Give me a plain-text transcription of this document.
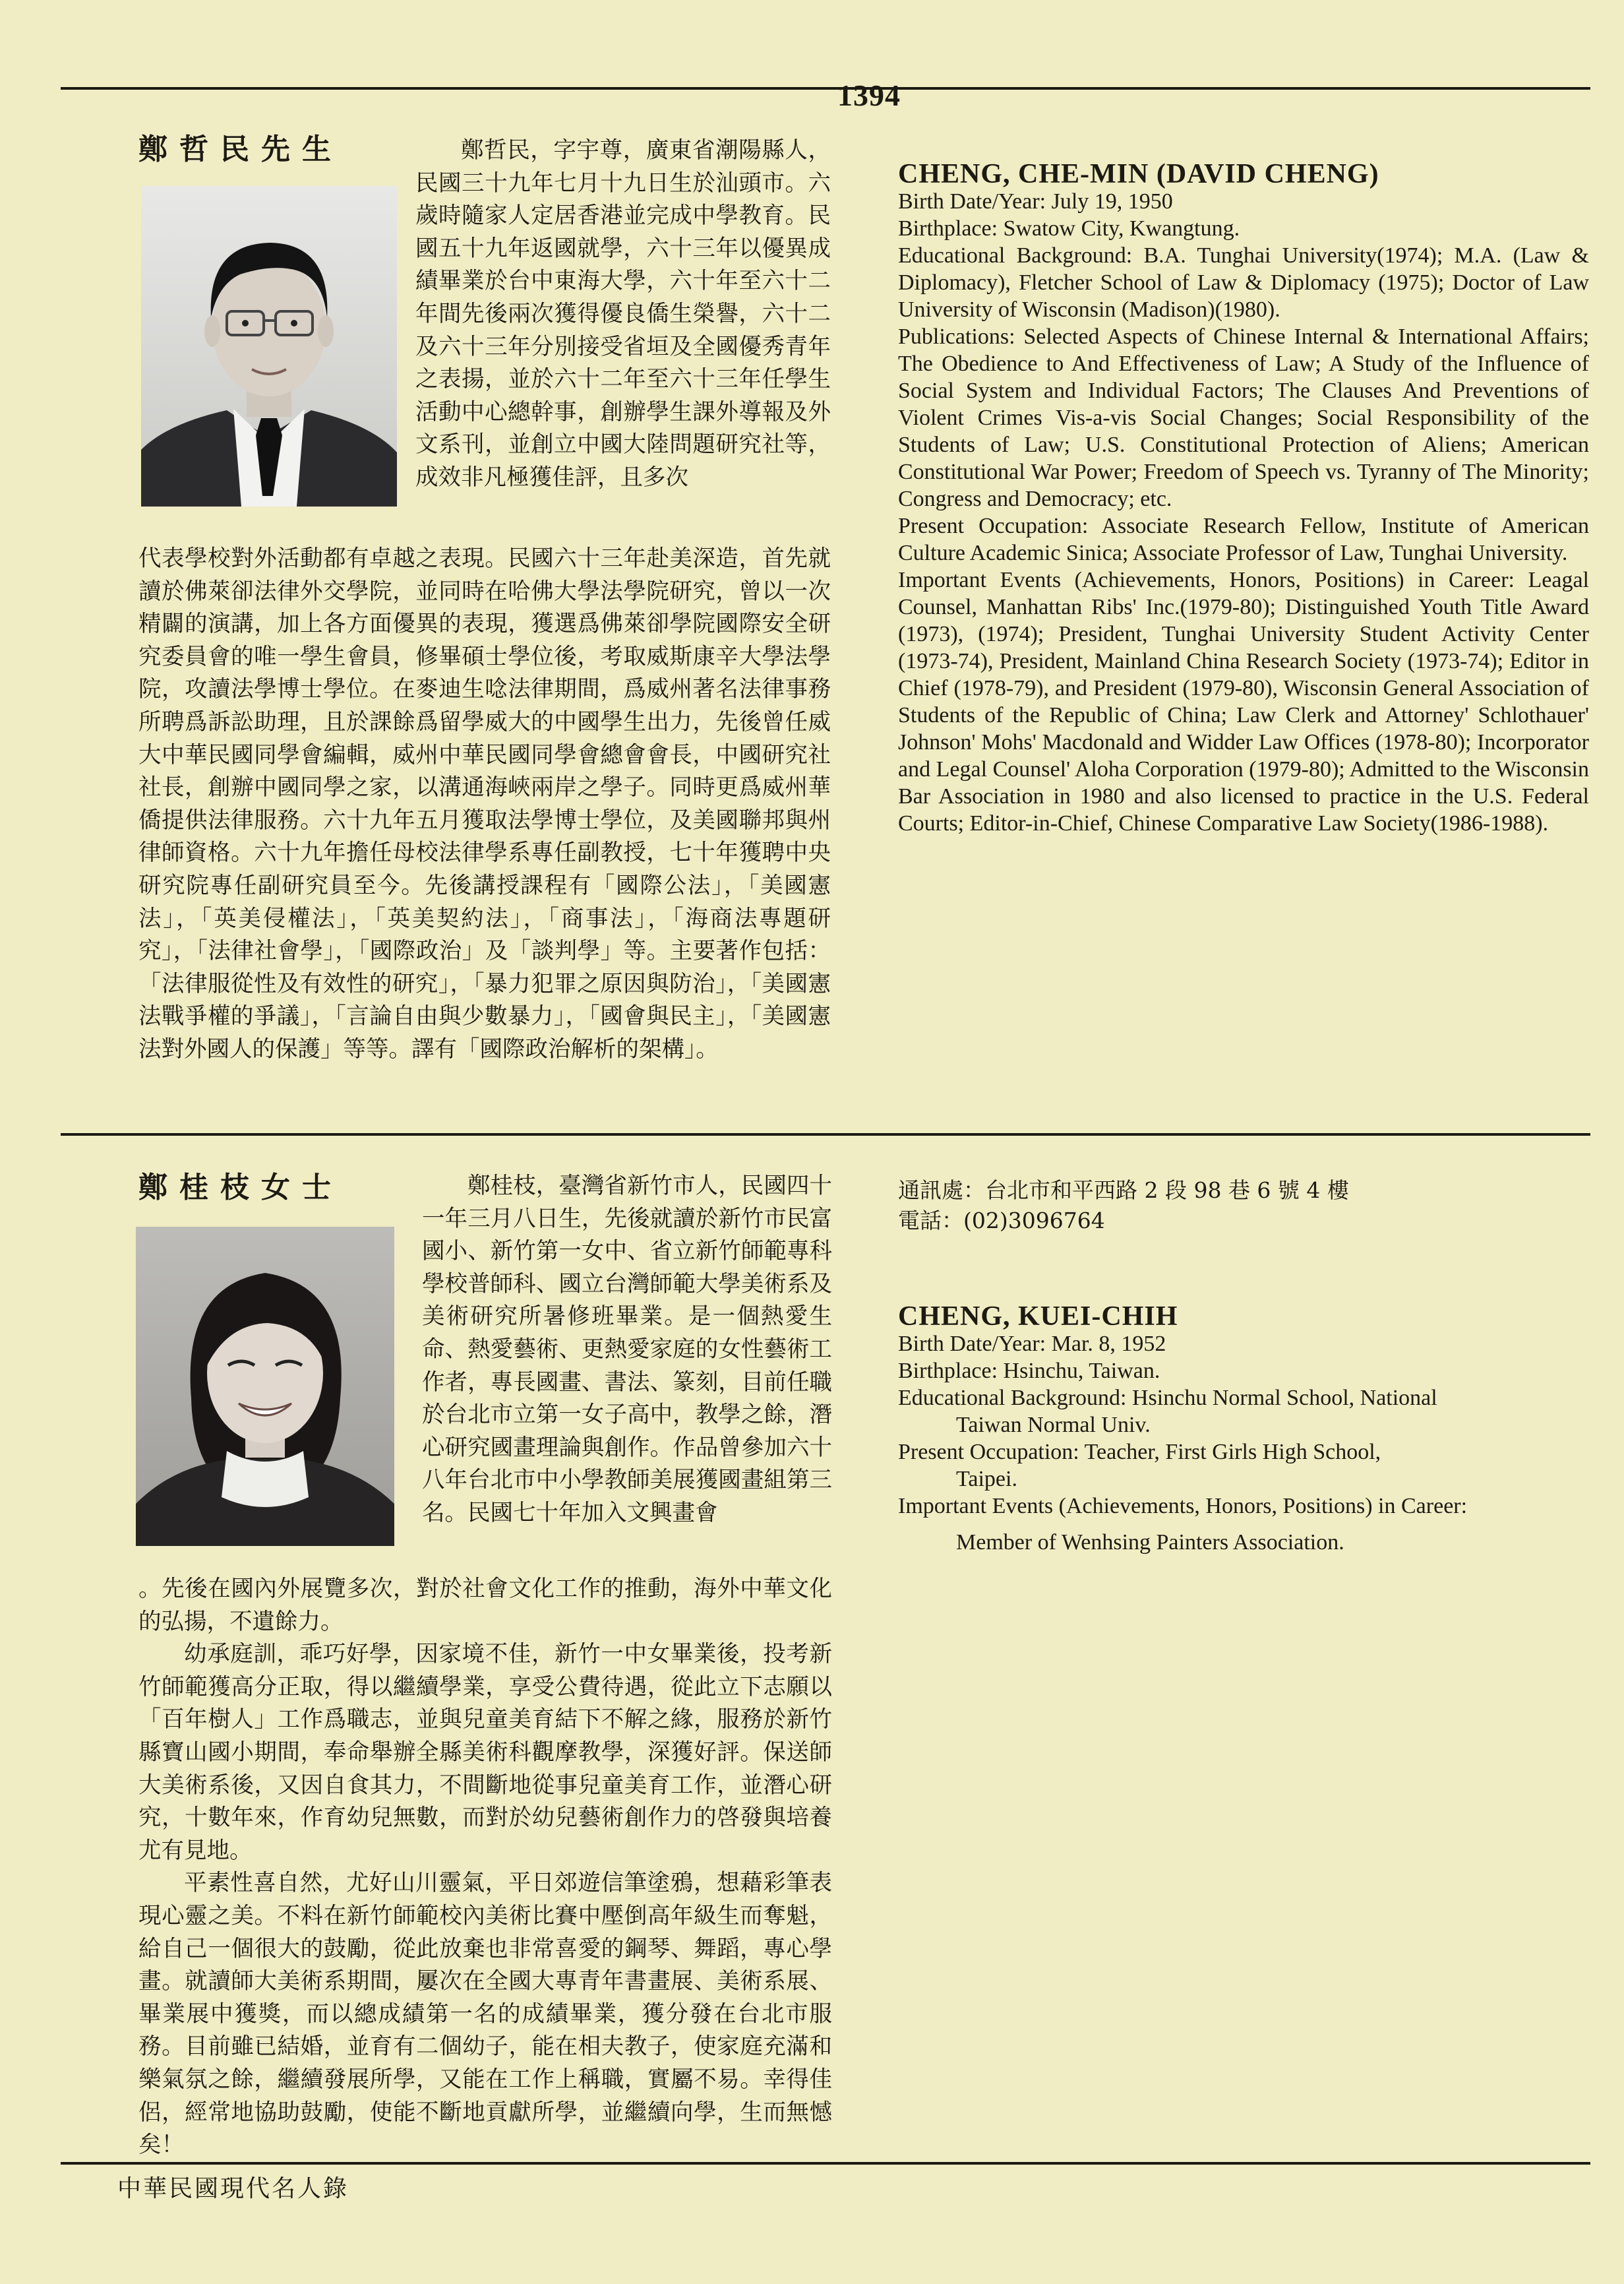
1394
鄭哲民先生	鄭哲民，字宇尊，廣東省潮陽縣人，民國三十九年七月十九日生於汕頭市。六歲時隨家人定居香港並完成中學教育。民國五十九年返國就學，六十三年以優異成績畢業於台中東海大學，六十年至六十二年間先後兩次獲得優良僑生榮譽，六十二及六十三年分別接受省垣及全國優秀青年之表揚，並於六十二年至六十三年任學生活動中心總幹事，創辦學生課外導報及外文系刊，並創立中國大陸問題研究社等，成效非凡極獲佳評，且多次

代表學校對外活動都有卓越之表現。民國六十三年赴美深造，首先就讀於佛萊卻法律外交學院，並同時在哈佛大學法學院研究，曾以一次精闢的演講，加上各方面優異的表現，獲選爲佛萊卻學院國際安全研究委員會的唯一學生會員，修畢碩士學位後，考取威斯康辛大學法學院，攻讀法學博士學位。在麥迪生唸法律期間，爲威州著名法律事務所聘爲訴訟助理，且於課餘爲留學威大的中國學生出力，先後曾任威大中華民國同學會編輯，威州中華民國同學會總會會長，中國研究社社長，創辦中國同學之家，以溝通海峽兩岸之學子。同時更爲威州華僑提供法律服務。六十九年五月獲取法學博士學位，及美國聯邦與州律師資格。六十九年擔任母校法律學系專任副教授，七十年獲聘中央研究院專任副研究員至今。先後講授課程有「國際公法」，「美國憲法」，「英美侵權法」，「英美契約法」，「商事法」，「海商法專題研究」，「法律社會學」，「國際政治」及「談判學」等。主要著作包括：「法律服從性及有效性的研究」，「暴力犯罪之原因與防治」，「美國憲法戰爭權的爭議」，「言論自由與少數暴力」，「國會與民主」，「美國憲法對外國人的保護」等等。譯有「國際政治解析的架構」。

CHENG, CHE-MIN (DAVID CHENG)

Birth Date/Year: July 19, 1950

Birthplace: Swatow City, Kwangtung.

Educational Background: B.A. Tunghai University(1974); M.A. (Law & Diplomacy), Fletcher School of Law & Diplomacy (1975); Doctor of Law University of Wisconsin (Madison)(1980).

Publications: Selected Aspects of Chinese Internal & International Affairs; The Obedience to And Effectiveness of Law; A Study of the Influence of Social System and Individual Factors; The Clauses And Preventions of Violent Crimes Vis-a-vis Social Changes; Social Responsibility of the Students of Law; U.S. Constitutional Protection of Aliens; American Constitutional War Power; Freedom of Speech vs. Tyranny of The Minority; Congress and Democracy; etc.

Present Occupation: Associate Research Fellow, Institute of American Culture Academic Sinica; Associate Professor of Law, Tunghai University.

Important Events (Achievements, Honors, Positions) in Career: Leagal Counsel, Manhattan Ribs' Inc.(1979-80); Distinguished Youth Title Award (1973), (1974); President, Tunghai University Student Activity Center (1973-74), President, Mainland China Research Society (1973-74); Editor in Chief (1978-79), and President (1979-80), Wisconsin General Association of Students of the Republic of China; Law Clerk and Attorney' Schlothauer' Johnson' Mohs' Macdonald and Widder Law Offices (1978-80); Incorporator and Legal Counsel' Aloha Corporation (1979-80); Admitted to the Wisconsin Bar Association in 1980 and also licensed to practice in the U.S. Federal Courts; Editor-in-Chief, Chinese Comparative Law Society(1986-1988).

鄭桂枝女士	鄭桂枝，臺灣省新竹市人，民國四十一年三月八日生，先後就讀於新竹市民富國小、新竹第一女中、省立新竹師範專科學校普師科、國立台灣師範大學美術系及美術研究所暑修班畢業。是一個熱愛生命、熱愛藝術、更熱愛家庭的女性藝術工作者，專長國畫、書法、篆刻，目前任職於台北市立第一女子高中，教學之餘，潛心研究國畫理論與創作。作品曾參加六十八年台北市中小學教師美展獲國畫組第三名。民國七十年加入文興畫會

。先後在國內外展覽多次，對於社會文化工作的推動，海外中華文化的弘揚，不遺餘力。

幼承庭訓，乖巧好學，因家境不佳，新竹一中女畢業後，投考新竹師範獲高分正取，得以繼續學業，享受公費待遇，從此立下志願以「百年樹人」工作爲職志，並與兒童美育結下不解之緣，服務於新竹縣寶山國小期間，奉命舉辦全縣美術科觀摩教學，深獲好評。保送師大美術系後，又因自食其力，不間斷地從事兒童美育工作，並潛心研究，十數年來，作育幼兒無數，而對於幼兒藝術創作力的啓發與培養尤有見地。

平素性喜自然，尤好山川靈氣，平日郊遊信筆塗鴉，想藉彩筆表現心靈之美。不料在新竹師範校內美術比賽中壓倒高年級生而奪魁，給自己一個很大的鼓勵，從此放棄也非常喜愛的鋼琴、舞蹈，專心學畫。就讀師大美術系期間，屢次在全國大專青年書畫展、美術系展、畢業展中獲獎，而以總成績第一名的成績畢業，獲分發在台北市服務。目前雖已結婚，並育有二個幼子，能在相夫教子，使家庭充滿和樂氣氛之餘，繼續發展所學，又能在工作上稱職，實屬不易。幸得佳侶，經常地協助鼓勵，使能不斷地貢獻所學，並繼續向學，生而無憾矣！

通訊處：台北市和平西路 2 段 98 巷 6 號 4 樓

電話：(02)3096764

CHENG, KUEI-CHIH

Birth Date/Year: Mar. 8, 1952

Birthplace: Hsinchu, Taiwan.

Educational Background: Hsinchu Normal School, National

Taiwan Normal Univ.

Present Occupation: Teacher, First Girls High School,

Taipei.

Important Events (Achievements, Honors, Positions) in Career:

Member of Wenhsing Painters Association.

中華民國現代名人錄
